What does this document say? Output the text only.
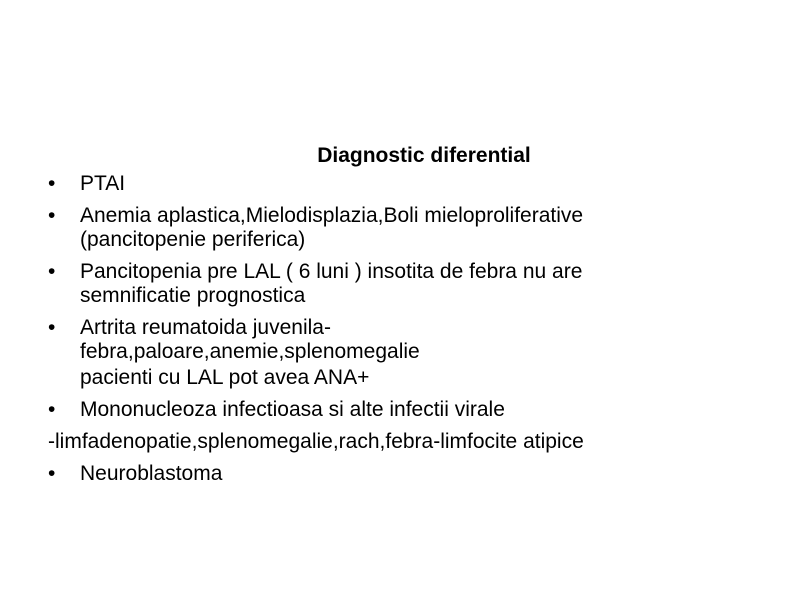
Diagnostic diferential
•	PTAI
•	Anemia aplastica,Mielodisplazia,Boli mieloproliferative
(pancitopenie periferica)
•	Pancitopenia pre LAL ( 6 luni ) insotita de febra nu are
semnificatie prognostica
•	Artrita reumatoida juvenila-
febra,paloare,anemie,splenomegalie
pacienti cu LAL pot avea ANA+
•	Mononucleoza infectioasa si alte infectii virale
-limfadenopatie,splenomegalie,rach,febra-limfocite atipice
•	Neuroblastoma
